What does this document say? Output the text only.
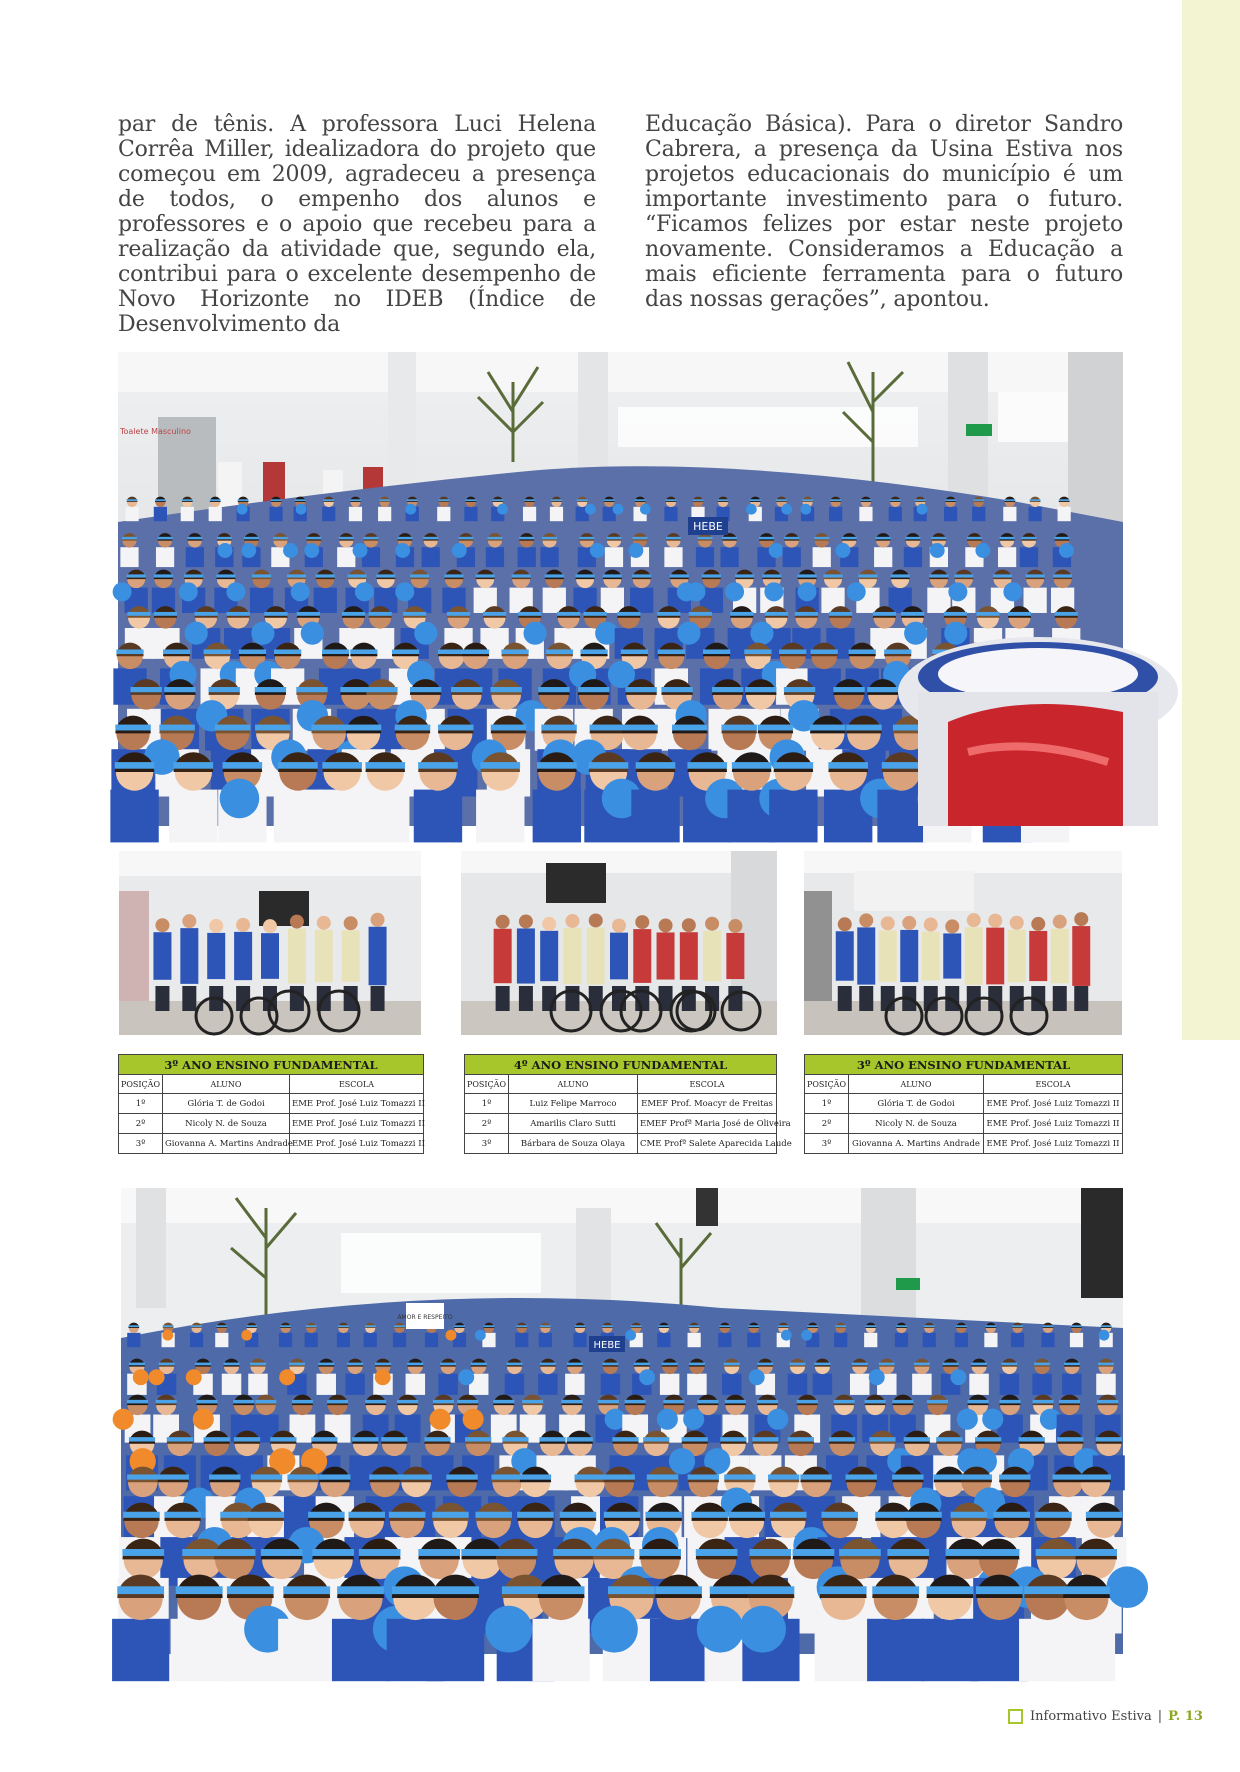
par de tênis. A professora Luci Helena Corrêa Miller, idealizadora do projeto que começou em 2009, agradeceu a presença de todos, o empenho dos alunos e professores e o apoio que recebeu para a realização da atividade que, segundo ela, contribui para o excelente desempenho de Novo Horizonte no IDEB (Índice de Desenvolvimento da

Educação Básica). Para o diretor Sandro Cabrera, a presença da Usina Estiva nos projetos educacionais do município é um importante investimento para o futuro. “Ficamos felizes por estar neste projeto novamente. Consideramos a Educação a mais eficiente ferramenta para o futuro das nossas gerações”, apontou.

Toalete Masculino
HEBE
3º ANO ENSINO FUNDAMENTAL		
POSIÇÃO	ALUNO	ESCOLA
1º	Glória T. de Godoi	EME Prof. José Luiz Tomazzi II
2º	Nicoly N. de Souza	EME Prof. José Luiz Tomazzi II
3º	Giovanna A. Martins Andrade	EME Prof. José Luiz Tomazzi II
4º ANO ENSINO FUNDAMENTAL		
POSIÇÃO	ALUNO	ESCOLA
1º	Luiz Felipe Marroco	EMEF Prof. Moacyr de Freitas
2º	Amarilis Claro Sutti	EMEF Profª Maria José de Oliveira
3º	Bárbara de Souza Olaya	CME Profª Salete Aparecida Laude
3º ANO ENSINO FUNDAMENTAL		
POSIÇÃO	ALUNO	ESCOLA
1º	Glória T. de Godoi	EME Prof. José Luiz Tomazzi II
2º	Nicoly N. de Souza	EME Prof. José Luiz Tomazzi II
3º	Giovanna A. Martins Andrade	EME Prof. José Luiz Tomazzi II
AMOR E RESPEITO
HEBE
Informativo Estiva | P. 13
